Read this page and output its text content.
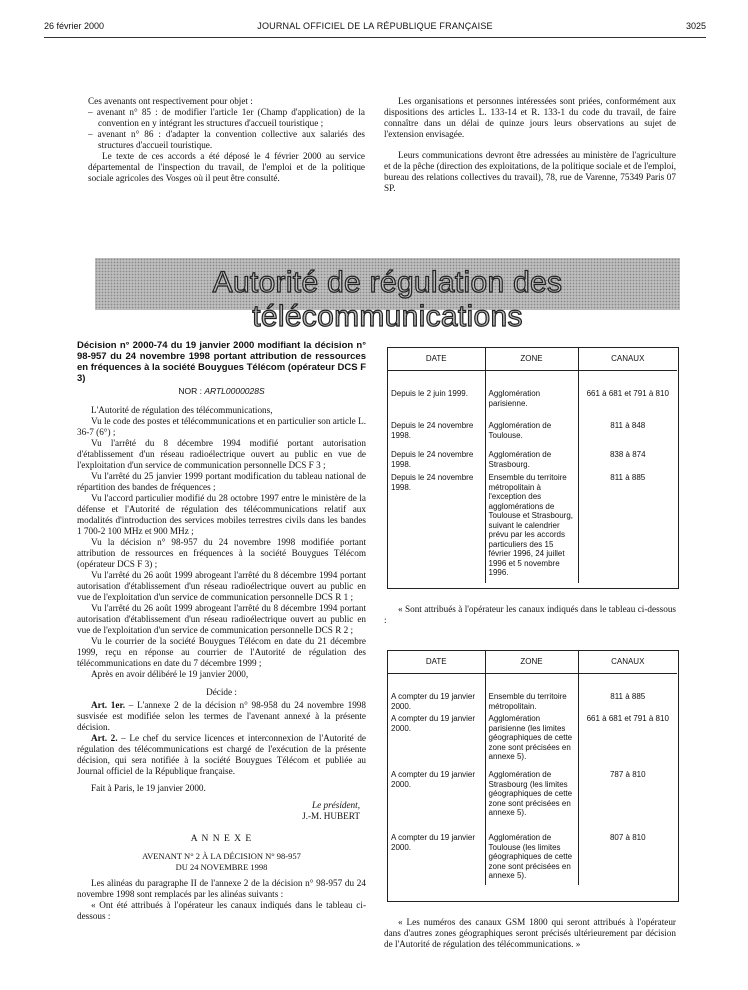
26 février 2000	JOURNAL OFFICIEL DE LA RÉPUBLIQUE FRANÇAISE	3025

Ces avenants ont respectivement pour objet :

– avenant n° 85 : de modifier l'article 1er (Champ d'application) de la convention en y intégrant les structures d'accueil touristique ;

– avenant n° 86 : d'adapter la convention collective aux salariés des structures d'accueil touristique.

Le texte de ces accords a été déposé le 4 février 2000 au service départemental de l'inspection du travail, de l'emploi et de la politique sociale agricoles des Vosges où il peut être consulté.

Les organisations et personnes intéressées sont priées, conformément aux dispositions des articles L. 133-14 et R. 133-1 du code du travail, de faire connaître dans un délai de quinze jours leurs observations au sujet de l'extension envisagée.

Leurs communications devront être adressées au ministère de l'agriculture et de la pêche (direction des exploitations, de la politique sociale et de l'emploi, bureau des relations collectives du travail), 78, rue de Varenne, 75349 Paris 07 SP.

Autorité de régulation des télécommunications

Décision n° 2000-74 du 19 janvier 2000 modifiant la décision n° 98-957 du 24 novembre 1998 portant attribution de ressources en fréquences à la société Bouygues Télécom (opérateur DCS F 3)

NOR : ARTL0000028S

L'Autorité de régulation des télécommunications,

Vu le code des postes et télécommunications et en particulier son article L. 36-7 (6°) ;

Vu l'arrêté du 8 décembre 1994 modifié portant autorisation d'établissement d'un réseau radioélectrique ouvert au public en vue de l'exploitation d'un service de communication personnelle DCS F 3 ;

Vu l'arrêté du 25 janvier 1999 portant modification du tableau national de répartition des bandes de fréquences ;

Vu l'accord particulier modifié du 28 octobre 1997 entre le ministère de la défense et l'Autorité de régulation des télécommunications relatif aux modalités d'introduction des services mobiles terrestres civils dans les bandes 1 700-2 100 MHz et 900 MHz ;

Vu la décision n° 98-957 du 24 novembre 1998 modifiée portant attribution de ressources en fréquences à la société Bouygues Télécom (opérateur DCS F 3) ;

Vu l'arrêté du 26 août 1999 abrogeant l'arrêté du 8 décembre 1994 portant autorisation d'établissement d'un réseau radioélectrique ouvert au public en vue de l'exploitation d'un service de communication personnelle DCS R 1 ;

Vu l'arrêté du 26 août 1999 abrogeant l'arrêté du 8 décembre 1994 portant autorisation d'établissement d'un réseau radioélectrique ouvert au public en vue de l'exploitation d'un service de communication personnelle DCS R 2 ;

Vu le courrier de la société Bouygues Télécom en date du 21 décembre 1999, reçu en réponse au courrier de l'Autorité de régulation des télécommunications en date du 7 décembre 1999 ;

Après en avoir délibéré le 19 janvier 2000,

Décide :

Art. 1er. – L'annexe 2 de la décision n° 98-958 du 24 novembre 1998 susvisée est modifiée selon les termes de l'avenant annexé à la présente décision.

Art. 2. – Le chef du service licences et interconnexion de l'Autorité de régulation des télécommunications est chargé de l'exécution de la présente décision, qui sera notifiée à la société Bouygues Télécom et publiée au Journal officiel de la République française.

Fait à Paris, le 19 janvier 2000.

Le président,

J.-M. HUBERT

A N N E X E

AVENANT N° 2 À LA DÉCISION N° 98-957

DU 24 NOVEMBRE 1998

Les alinéas du paragraphe II de l'annexe 2 de la décision n° 98-957 du 24 novembre 1998 sont remplacés par les alinéas suivants :

« Ont été attribués à l'opérateur les canaux indiqués dans le tableau ci-dessous :

DATE	ZONE	CANAUX
Depuis le 2 juin 1999.	Agglomération parisienne.	661 à 681 et 791 à 810
Depuis le 24 novembre 1998.	Agglomération de Toulouse.	811 à 848
Depuis le 24 novembre 1998.	Agglomération de Strasbourg.	838 à 874
Depuis le 24 novembre 1998.	Ensemble du territoire métropolitain à l'exception des agglomérations de Toulouse et Strasbourg, suivant le calendrier prévu par les accords particuliers des 15 février 1996, 24 juillet 1996 et 5 novembre 1996.	811 à 885

« Sont attribués à l'opérateur les canaux indiqués dans le tableau ci-dessous :

DATE	ZONE	CANAUX
A compter du 19 janvier 2000.	Ensemble du territoire métropolitain.	811 à 885
A compter du 19 janvier 2000.	Agglomération parisienne (les limites géographiques de cette zone sont précisées en annexe 5).	661 à 681 et 791 à 810
A compter du 19 janvier 2000.	Agglomération de Strasbourg (les limites géographiques de cette zone sont précisées en annexe 5).	787 à 810
A compter du 19 janvier 2000.	Agglomération de Toulouse (les limites géographiques de cette zone sont précisées en annexe 5).	807 à 810

« Les numéros des canaux GSM 1800 qui seront attribués à l'opérateur dans d'autres zones géographiques seront précisés ultérieurement par décision de l'Autorité de régulation des télécommunications. »
